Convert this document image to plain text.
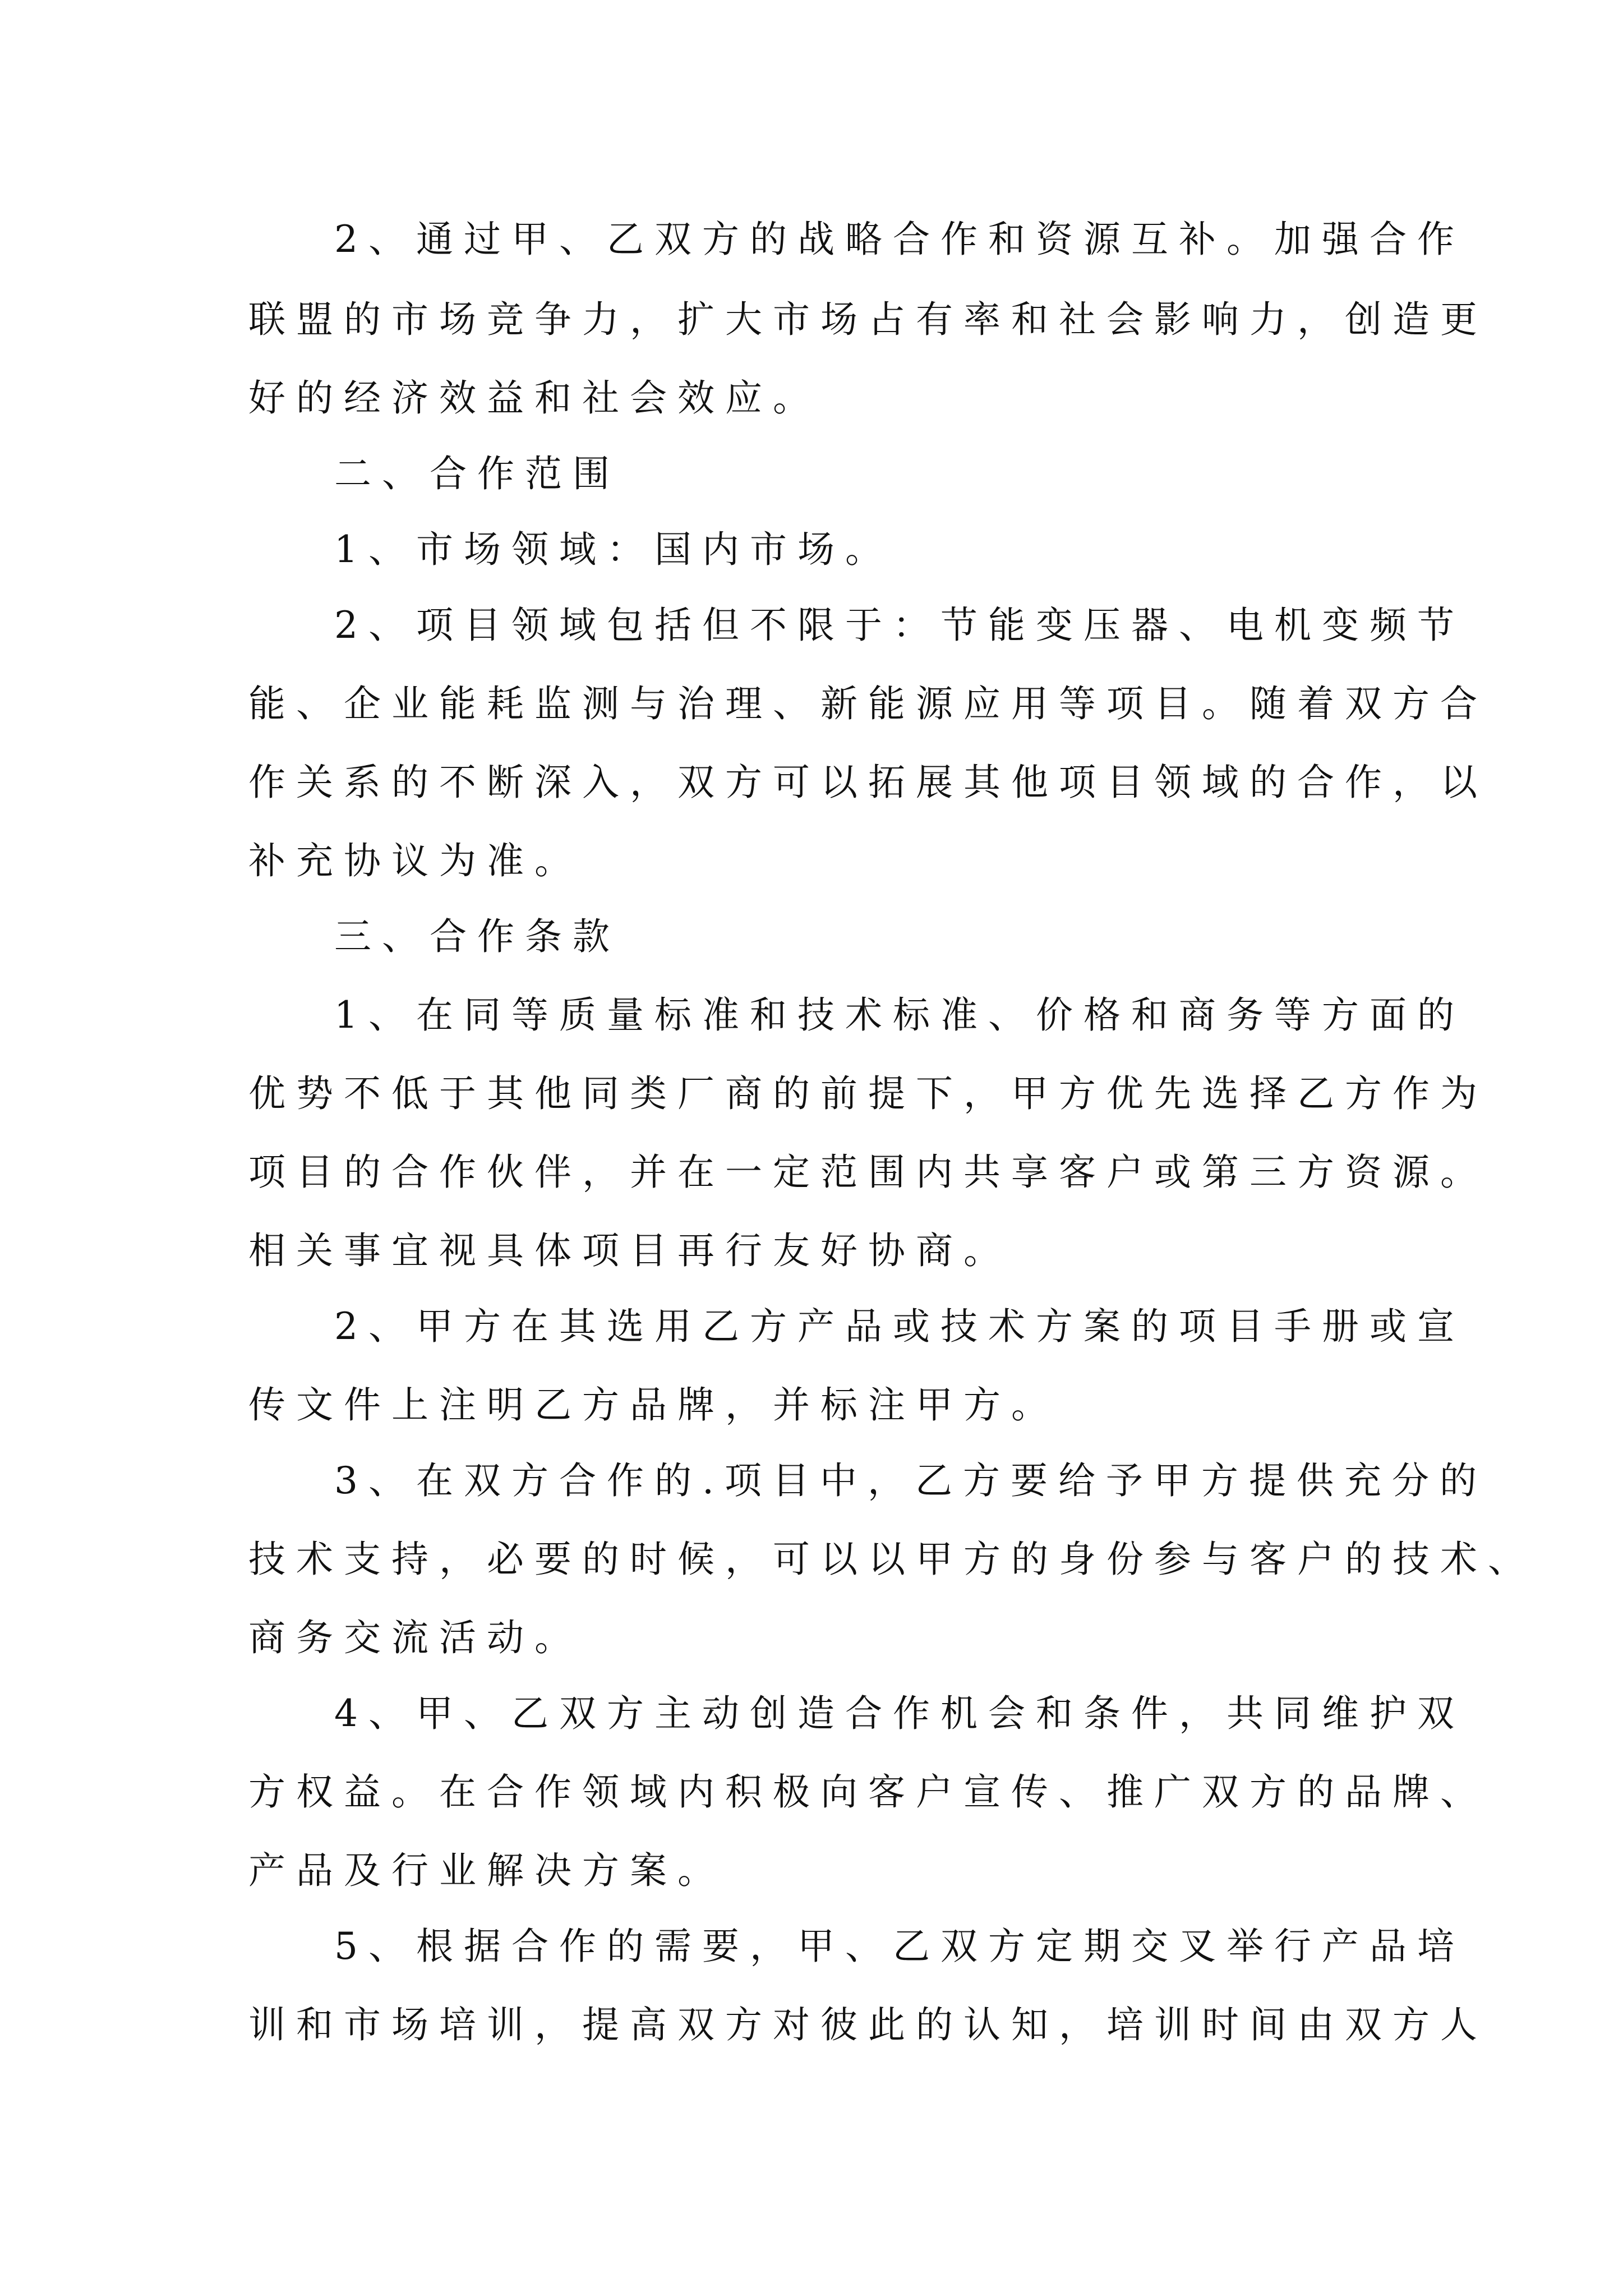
2、通过甲、乙双方的战略合作和资源互补。加强合作
联盟的市场竞争力，扩大市场占有率和社会影响力，创造更
好的经济效益和社会效应。
二、合作范围
1、市场领域：国内市场。
2、项目领域包括但不限于：节能变压器、电机变频节
能、企业能耗监测与治理、新能源应用等项目。随着双方合
作关系的不断深入，双方可以拓展其他项目领域的合作，以
补充协议为准。
三、合作条款
1、在同等质量标准和技术标准、价格和商务等方面的
优势不低于其他同类厂商的前提下，甲方优先选择乙方作为
项目的合作伙伴，并在一定范围内共享客户或第三方资源。
相关事宜视具体项目再行友好协商。
2、甲方在其选用乙方产品或技术方案的项目手册或宣
传文件上注明乙方品牌，并标注甲方。
3、在双方合作的.项目中，乙方要给予甲方提供充分的
技术支持，必要的时候，可以以甲方的身份参与客户的技术、
商务交流活动。
4、甲、乙双方主动创造合作机会和条件，共同维护双
方权益。在合作领域内积极向客户宣传、推广双方的品牌、
产品及行业解决方案。
5、根据合作的需要，甲、乙双方定期交叉举行产品培
训和市场培训，提高双方对彼此的认知，培训时间由双方人
